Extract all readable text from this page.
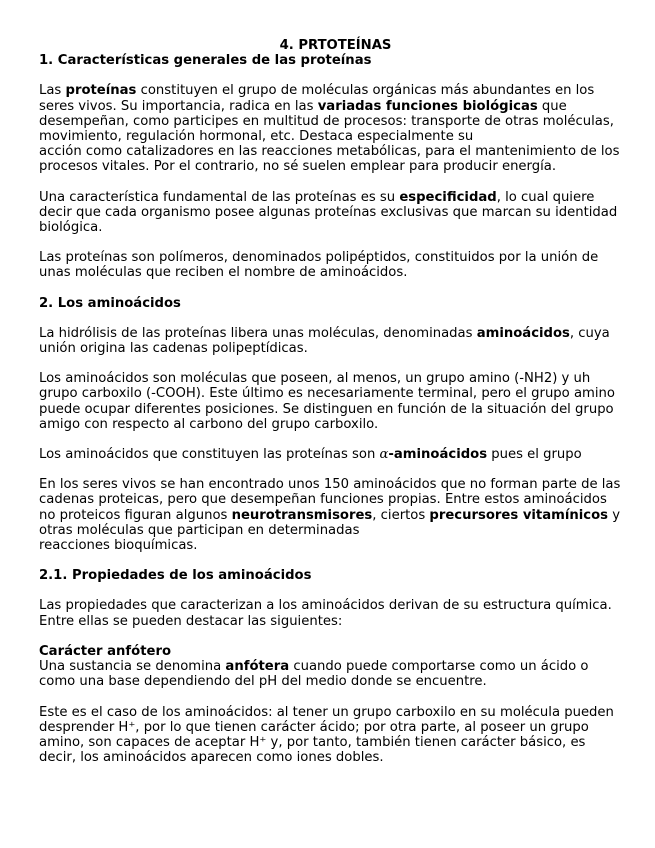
4. PRTOTEÍNAS
1. Características generales de las proteínas

Las proteínas constituyen el grupo de moléculas orgánicas más abundantes en los seres vivos. Su importancia, radica en las variadas funciones biológicas que desempeñan, como participes en multitud de procesos: transporte de otras moléculas, movimiento, regulación hormonal, etc. Destaca especialmente su
acción como catalizadores en las reacciones metabólicas, para el mantenimiento de los procesos vitales. Por el contrario, no sé suelen emplear para producir energía.

Una característica fundamental de las proteínas es su especificidad, lo cual quiere decir que cada organismo posee algunas proteínas exclusivas que marcan su identidad biológica.

Las proteínas son polímeros, denominados polipéptidos, constituidos por la unión de unas moléculas que reciben el nombre de aminoácidos.

2. Los aminoácidos

La hidrólisis de las proteínas libera unas moléculas, denominadas aminoácidos, cuya unión origina las cadenas polipeptídicas.

Los aminoácidos son moléculas que poseen, al menos, un grupo amino (-NH2) y uh grupo carboxilo (-COOH). Este último es necesariamente terminal, pero el grupo amino puede ocupar diferentes posiciones. Se distinguen en función de la situación del grupo amigo con respecto al carbono del grupo carboxilo.

Los aminoácidos que constituyen las proteínas son α-aminoácidos pues el grupo

En los seres vivos se han encontrado unos 150 aminoácidos que no forman parte de las cadenas proteicas, pero que desempeñan funciones propias. Entre estos aminoácidos no proteicos figuran algunos neurotransmisores, ciertos precursores vitamínicos y otras moléculas que participan en determinadas
reacciones bioquímicas.

2.1. Propiedades de los aminoácidos

Las propiedades que caracterizan a los aminoácidos derivan de su estructura química. Entre ellas se pueden destacar las siguientes:

Carácter anfótero

Una sustancia se denomina anfótera cuando puede comportarse como un ácido o como una base dependiendo del pH del medio donde se encuentre.

Este es el caso de los aminoácidos: al tener un grupo carboxilo en su molécula pueden desprender H⁺, por lo que tienen carácter ácido; por otra parte, al poseer un grupo amino, son capaces de aceptar H⁺ y, por tanto, también tienen carácter básico, es decir, los aminoácidos aparecen como iones dobles.
